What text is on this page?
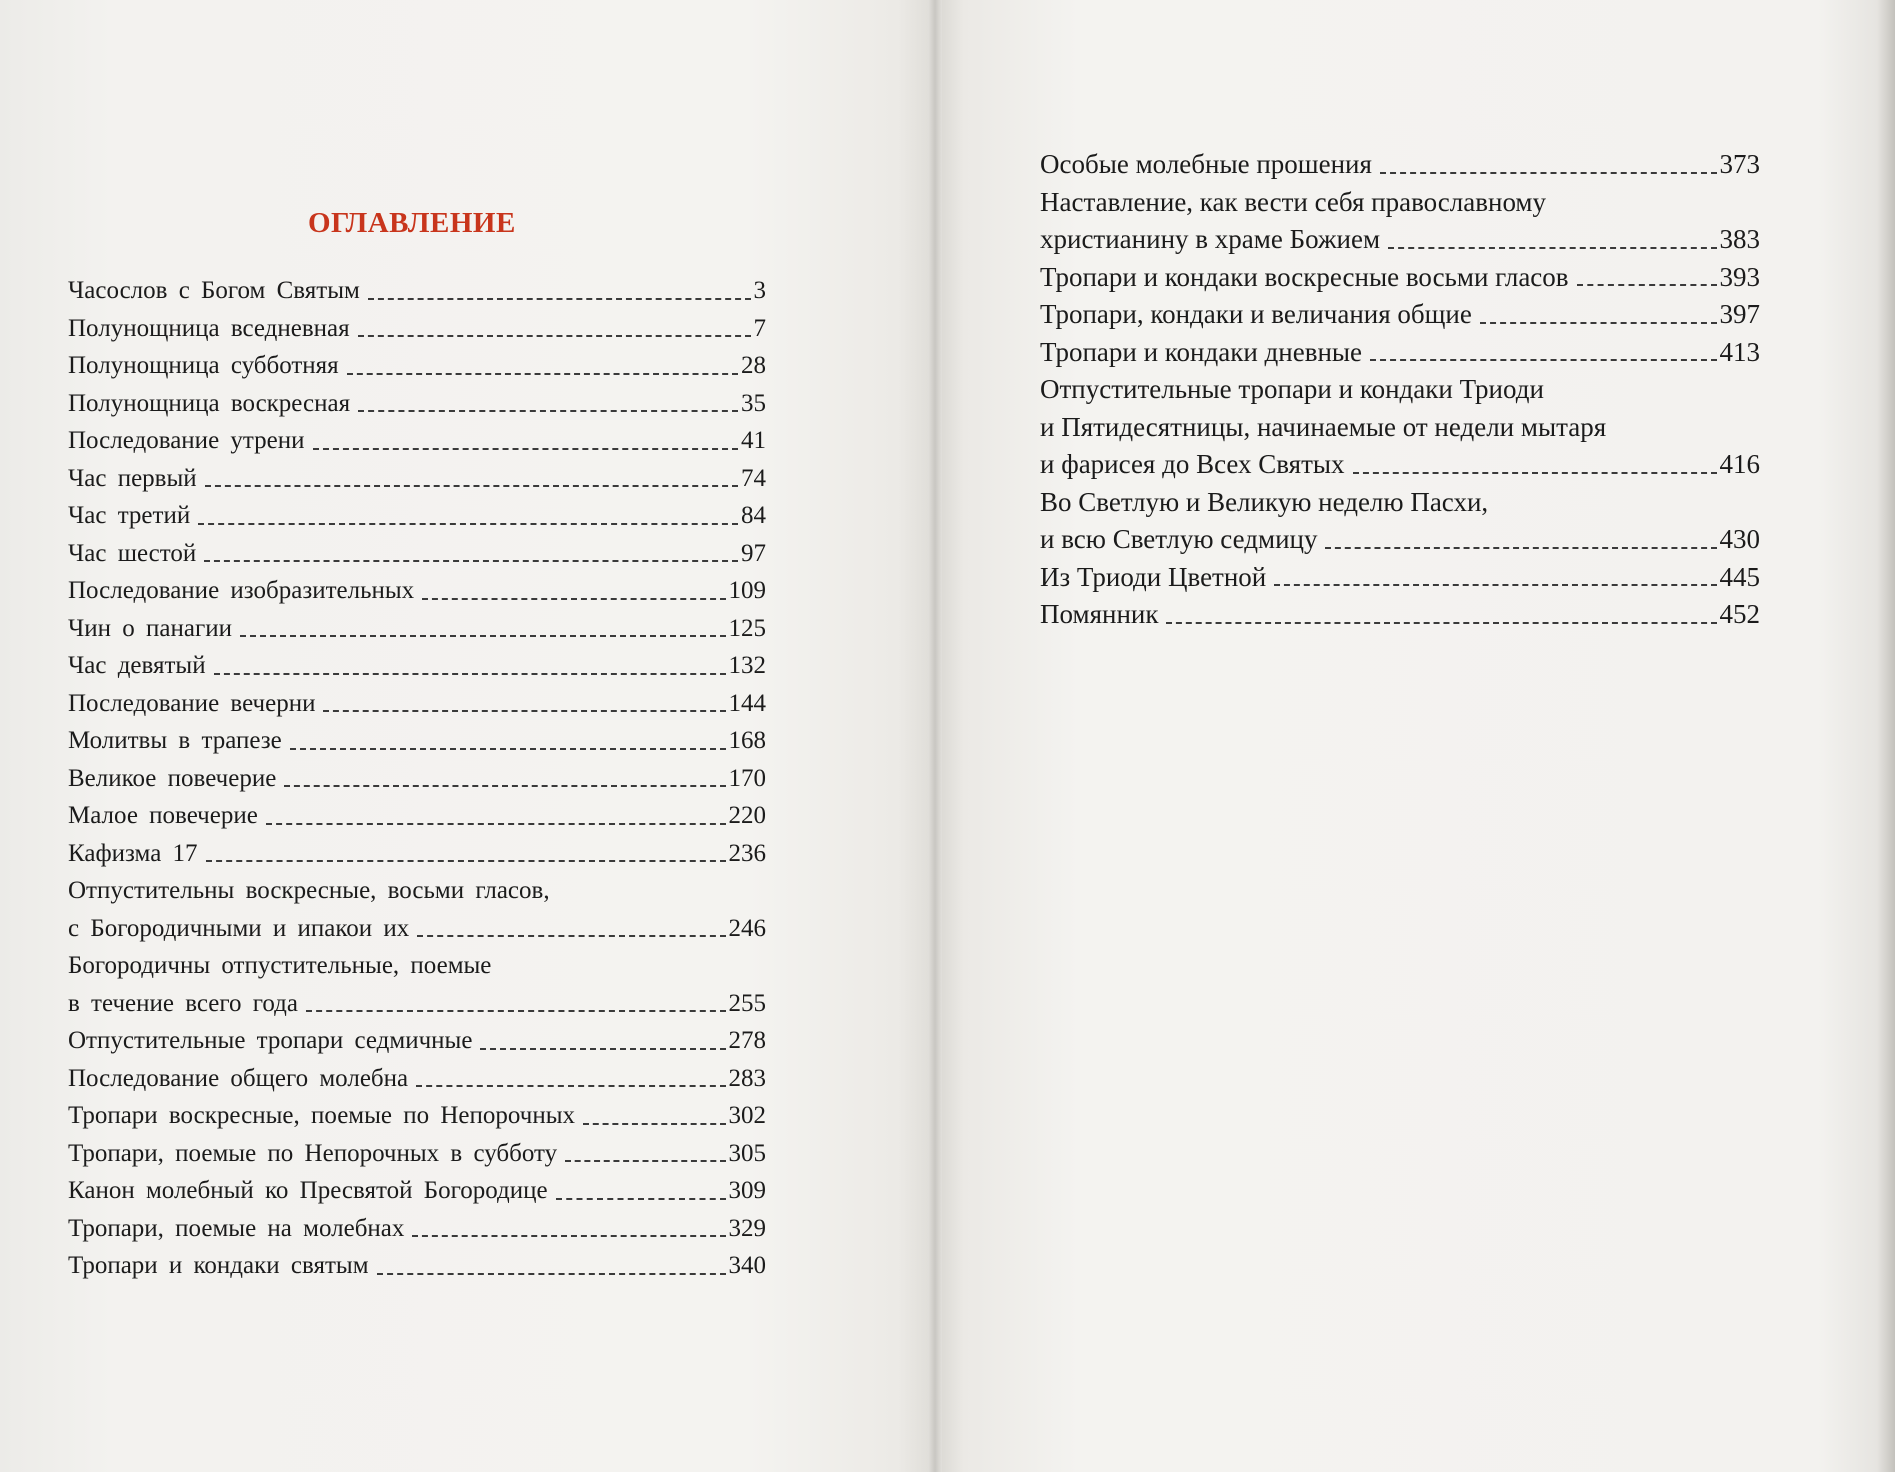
ОГЛАВЛЕНИЕ
Часослов с Богом Святым	3
Полунощница вседневная	7
Полунощница субботняя	28
Полунощница воскресная	35
Последование утрени	41
Час первый	74
Час третий	84
Час шестой	97
Последование изобразительных	109
Чин о панагии	125
Час девятый	132
Последование вечерни	144
Молитвы в трапезе	168
Великое повечерие	170
Малое повечерие	220
Кафизма 17	236
Отпустительны воскресные, восьми гласов,
с Богородичными и ипакои их	246
Богородичны отпустительные, поемые
в течение всего года	255
Отпустительные тропари седмичные	278
Последование общего молебна	283
Тропари воскресные, поемые по Непорочных	302
Тропари, поемые по Непорочных в субботу	305
Канон молебный ко Пресвятой Богородице	309
Тропари, поемые на молебнах	329
Тропари и кондаки святым	340
Особые молебные прошения	373
Наставление, как вести себя православному
христианину в храме Божием	383
Тропари и кондаки воскресные восьми гласов	393
Тропари, кондаки и величания общие	397
Тропари и кондаки дневные	413
Отпустительные тропари и кондаки Триоди
и Пятидесятницы, начинаемые от недели мытаря
и фарисея до Всех Святых	416
Во Светлую и Великую неделю Пасхи,
и всю Светлую седмицу	430
Из Триоди Цветной	445
Помянник	452
